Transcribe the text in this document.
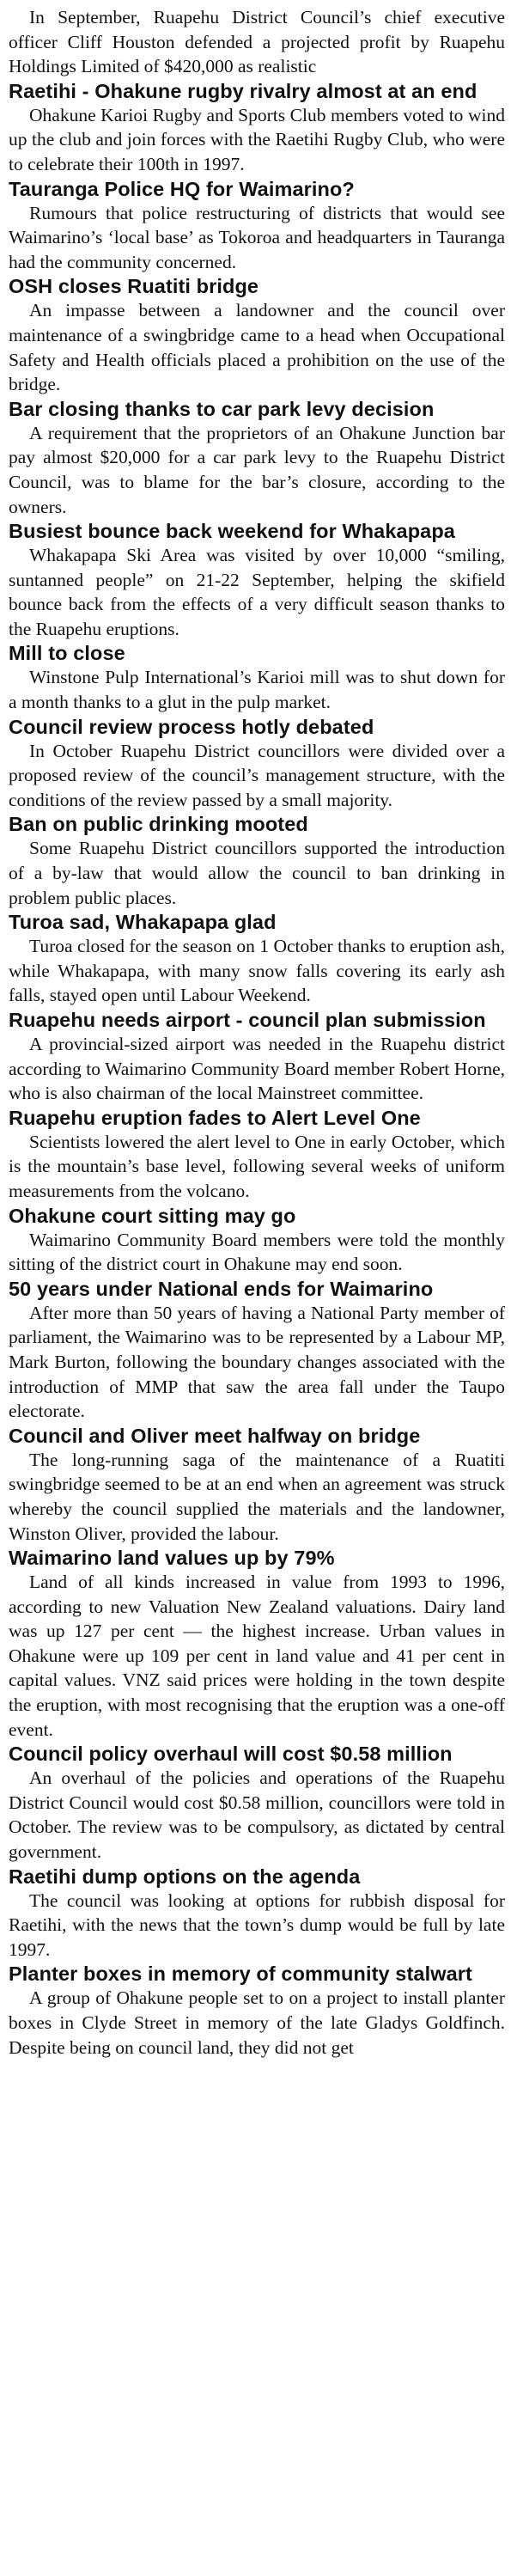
In September, Ruapehu District Council’s chief executive officer Cliff Houston defended a projected profit by Ruapehu Holdings Limited of $420,000 as realistic

Raetihi - Ohakune rugby rivalry almost at an end

Ohakune Karioi Rugby and Sports Club members voted to wind up the club and join forces with the Raetihi Rugby Club, who were to celebrate their 100th in 1997.

Tauranga Police HQ for Waimarino?

Rumours that police restructuring of districts that would see Waimarino’s ‘local base’ as Tokoroa and headquarters in Tauranga had the community concerned.

OSH closes Ruatiti bridge

An impasse between a landowner and the council over maintenance of a swingbridge came to a head when Occupational Safety and Health officials placed a prohibition on the use of the bridge.

Bar closing thanks to car park levy decision

A requirement that the proprietors of an Ohakune Junction bar pay almost $20,000 for a car park levy to the Ruapehu District Council, was to blame for the bar’s closure, according to the owners.

Busiest bounce back weekend for Whakapapa

Whakapapa Ski Area was visited by over 10,000 “smiling, suntanned people” on 21-22 September, helping the skifield bounce back from the effects of a very difficult season thanks to the Ruapehu eruptions.

Mill to close

Winstone Pulp International’s Karioi mill was to shut down for a month thanks to a glut in the pulp market.

Council review process hotly debated

In October Ruapehu District councillors were divided over a proposed review of the council’s management structure, with the conditions of the review passed by a small majority.

Ban on public drinking mooted

Some Ruapehu District councillors supported the introduction of a by-law that would allow the council to ban drinking in problem public places.

Turoa sad, Whakapapa glad

Turoa closed for the season on 1 October thanks to eruption ash, while Whakapapa, with many snow falls covering its early ash falls, stayed open until Labour Weekend.

Ruapehu needs airport - council plan submission

A provincial-sized airport was needed in the Ruapehu district according to Waimarino Community Board member Robert Horne, who is also chairman of the local Mainstreet committee.

Ruapehu eruption fades to Alert Level One

Scientists lowered the alert level to One in early October, which is the mountain’s base level, following several weeks of uniform measurements from the volcano.

Ohakune court sitting may go

Waimarino Community Board members were told the monthly sitting of the district court in Ohakune may end soon.

50 years under National ends for Waimarino

After more than 50 years of having a National Party member of parliament, the Waimarino was to be represented by a Labour MP, Mark Burton, following the boundary changes associated with the introduction of MMP that saw the area fall under the Taupo electorate.

Council and Oliver meet halfway on bridge

The long-running saga of the maintenance of a Ruatiti swingbridge seemed to be at an end when an agreement was struck whereby the council supplied the materials and the landowner, Winston Oliver, provided the labour.

Waimarino land values up by 79%

Land of all kinds increased in value from 1993 to 1996, according to new Valuation New Zealand valuations. Dairy land was up 127 per cent — the highest increase. Urban values in Ohakune were up 109 per cent in land value and 41 per cent in capital values. VNZ said prices were holding in the town despite the eruption, with most recognising that the eruption was a one-off event.

Council policy overhaul will cost $0.58 million

An overhaul of the policies and operations of the Ruapehu District Council would cost $0.58 million, councillors were told in October. The review was to be compulsory, as dictated by central government.

Raetihi dump options on the agenda

The council was looking at options for rubbish disposal for Raetihi, with the news that the town’s dump would be full by late 1997.

Planter boxes in memory of community stalwart

A group of Ohakune people set to on a project to install planter boxes in Clyde Street in memory of the late Gladys Goldfinch. Despite being on council land, they did not get
